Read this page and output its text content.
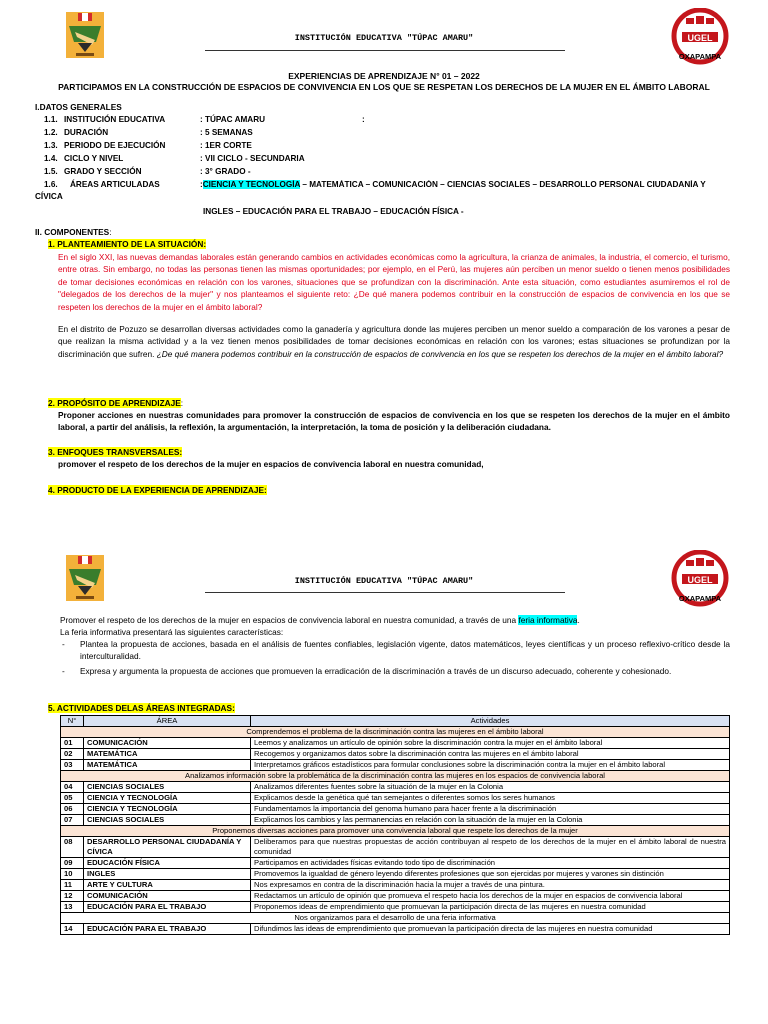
UGEL
OXAPAMPA
INSTITUCIÓN EDUCATIVA "TÚPAC AMARU"
EXPERIENCIAS DE APRENDIZAJE N° 01 – 2022
PARTICIPAMOS EN LA CONSTRUCCIÓN DE ESPACIOS DE CONVIVENCIA EN LOS QUE SE RESPETAN LOS DERECHOS DE LA MUJER EN EL ÁMBITO LABORAL
I.DATOS GENERALES
1.1. INSTITUCIÓN EDUCATIVA	: TÚPAC AMARU	:
1.2. DURACIÓN	: 5 SEMANAS
1.3. PERIODO DE EJECUCIÓN	: 1ER CORTE
1.4. CICLO Y NIVEL	: VII CICLO - SECUNDARIA
1.5. GRADO Y SECCIÓN	: 3° GRADO -
1.6. ÁREAS ARTICULADAS	:CIENCIA Y TECNOLOGÍA – MATEMÁTICA – COMUNICACIÓN – CIENCIAS SOCIALES – DESARROLLO PERSONAL CIUDADANÍA Y
CÍVICA
INGLES – EDUCACIÓN PARA EL TRABAJO – EDUCACIÓN FÍSICA -
II. COMPONENTES:
1. PLANTEAMIENTO DE LA SITUACIÓN:
En el siglo XXI, las nuevas demandas laborales están generando cambios en actividades económicas como la agricultura, la crianza de animales, la industria, el comercio, el turismo, entre otras. Sin embargo, no todas las personas tienen las mismas oportunidades; por ejemplo, en el Perú, las mujeres aún perciben un menor sueldo o tienen menos posibilidades de tomar decisiones económicas en relación con los varones, situaciones que se profundizan con la discriminación. Ante esta situación, como estudiantes asumiremos el rol de "delegados de los derechos de la mujer" y nos planteamos el siguiente reto: ¿De qué manera podemos contribuir en la construcción de espacios de convivencia en los que se respeten los derechos de la mujer en el ámbito laboral?
En el distrito de Pozuzo se desarrollan diversas actividades como la ganadería y agricultura donde las mujeres perciben un menor sueldo a comparación de los varones a pesar de que realizan la misma actividad y a la vez tienen menos posibilidades de tomar decisiones económicas en relación con los varones; estas situaciones se profundizan por la discriminación que sufren. ¿De qué manera podemos contribuir en la construcción de espacios de convivencia en los que se respeten los derechos de la mujer en el ámbito laboral?
2. PROPÓSITO DE APRENDIZAJE:
Proponer acciones en nuestras comunidades para promover la construcción de espacios de convivencia en los que se respeten los derechos de la mujer en el ámbito laboral, a partir del análisis, la reflexión, la argumentación, la interpretación, la toma de posición y la deliberación ciudadana.
3. ENFOQUES TRANSVERSALES:
promover el respeto de los derechos de la mujer en espacios de convivencia laboral en nuestra comunidad,
4. PRODUCTO DE LA EXPERIENCIA DE APRENDIZAJE:
UGEL
OXAPAMPA
INSTITUCIÓN EDUCATIVA "TÚPAC AMARU"
Promover el respeto de los derechos de la mujer en espacios de convivencia laboral en nuestra comunidad, a través de una feria informativa.
La feria informativa presentará las siguientes características:
- Plantea la propuesta de acciones, basada en el análisis de fuentes confiables, legislación vigente, datos matemáticos, leyes científicas y un proceso reflexivo-crítico desde la interculturalidad.
- Expresa y argumenta la propuesta de acciones que promueven la erradicación de la discriminación a través de un discurso adecuado, coherente y cohesionado.
5. ACTIVIDADES DELAS ÁREAS INTEGRADAS:
N°	ÁREA	Actividades
Comprendemos el problema de la discriminación contra las mujeres en el ámbito laboral		
01	COMUNICACIÓN	Leemos y analizamos un artículo de opinión sobre la discriminación contra la mujer en el ámbito laboral
02	MATEMÁTICA	Recogemos y organizamos datos sobre la discriminación contra las mujeres en el ámbito laboral
03	MATEMÁTICA	Interpretamos gráficos estadísticos para formular conclusiones sobre la discriminación contra la mujer en el ámbito laboral
Analizamos información sobre la problemática de la discriminación contra las mujeres en los espacios de convivencia laboral		
04	CIENCIAS SOCIALES	Analizamos diferentes fuentes sobre la situación de la mujer en la Colonia
05	CIENCIA Y TECNOLOGÍA	Explicamos desde la genética qué tan semejantes o diferentes somos los seres humanos
06	CIENCIA Y TECNOLOGÍA	Fundamentamos la importancia del genoma humano para hacer frente a la discriminación
07	CIENCIAS SOCIALES	Explicamos los cambios y las permanencias en relación con la situación de la mujer en la Colonia
Proponemos diversas acciones para promover una convivencia laboral que respete los derechos de la mujer		
08	DESARROLLO PERSONAL CIUDADANÍA Y CÍVICA	Deliberamos para que nuestras propuestas de acción contribuyan al respeto de los derechos de la mujer en el ámbito laboral de nuestra comunidad
09	EDUCACIÓN FÍSICA	Participamos en actividades físicas evitando todo tipo de discriminación
10	INGLES	Promovemos la igualdad de género leyendo diferentes profesiones que son ejercidas por mujeres y varones sin distinción
11	ARTE Y CULTURA	Nos expresamos en contra de la discriminación hacia la mujer a través de una pintura.
12	COMUNICACIÓN	Redactamos un artículo de opinión que promueva el respeto hacia los derechos de la mujer en espacios de convivencia laboral
13	EDUCACIÓN PARA EL TRABAJO	Proponemos ideas de emprendimiento que promuevan la participación directa de las mujeres en nuestra comunidad
Nos organizamos para el desarrollo de una feria informativa		
14	EDUCACIÓN PARA EL TRABAJO	Difundimos las ideas de emprendimiento que promuevan la participación directa de las mujeres en nuestra comunidad
